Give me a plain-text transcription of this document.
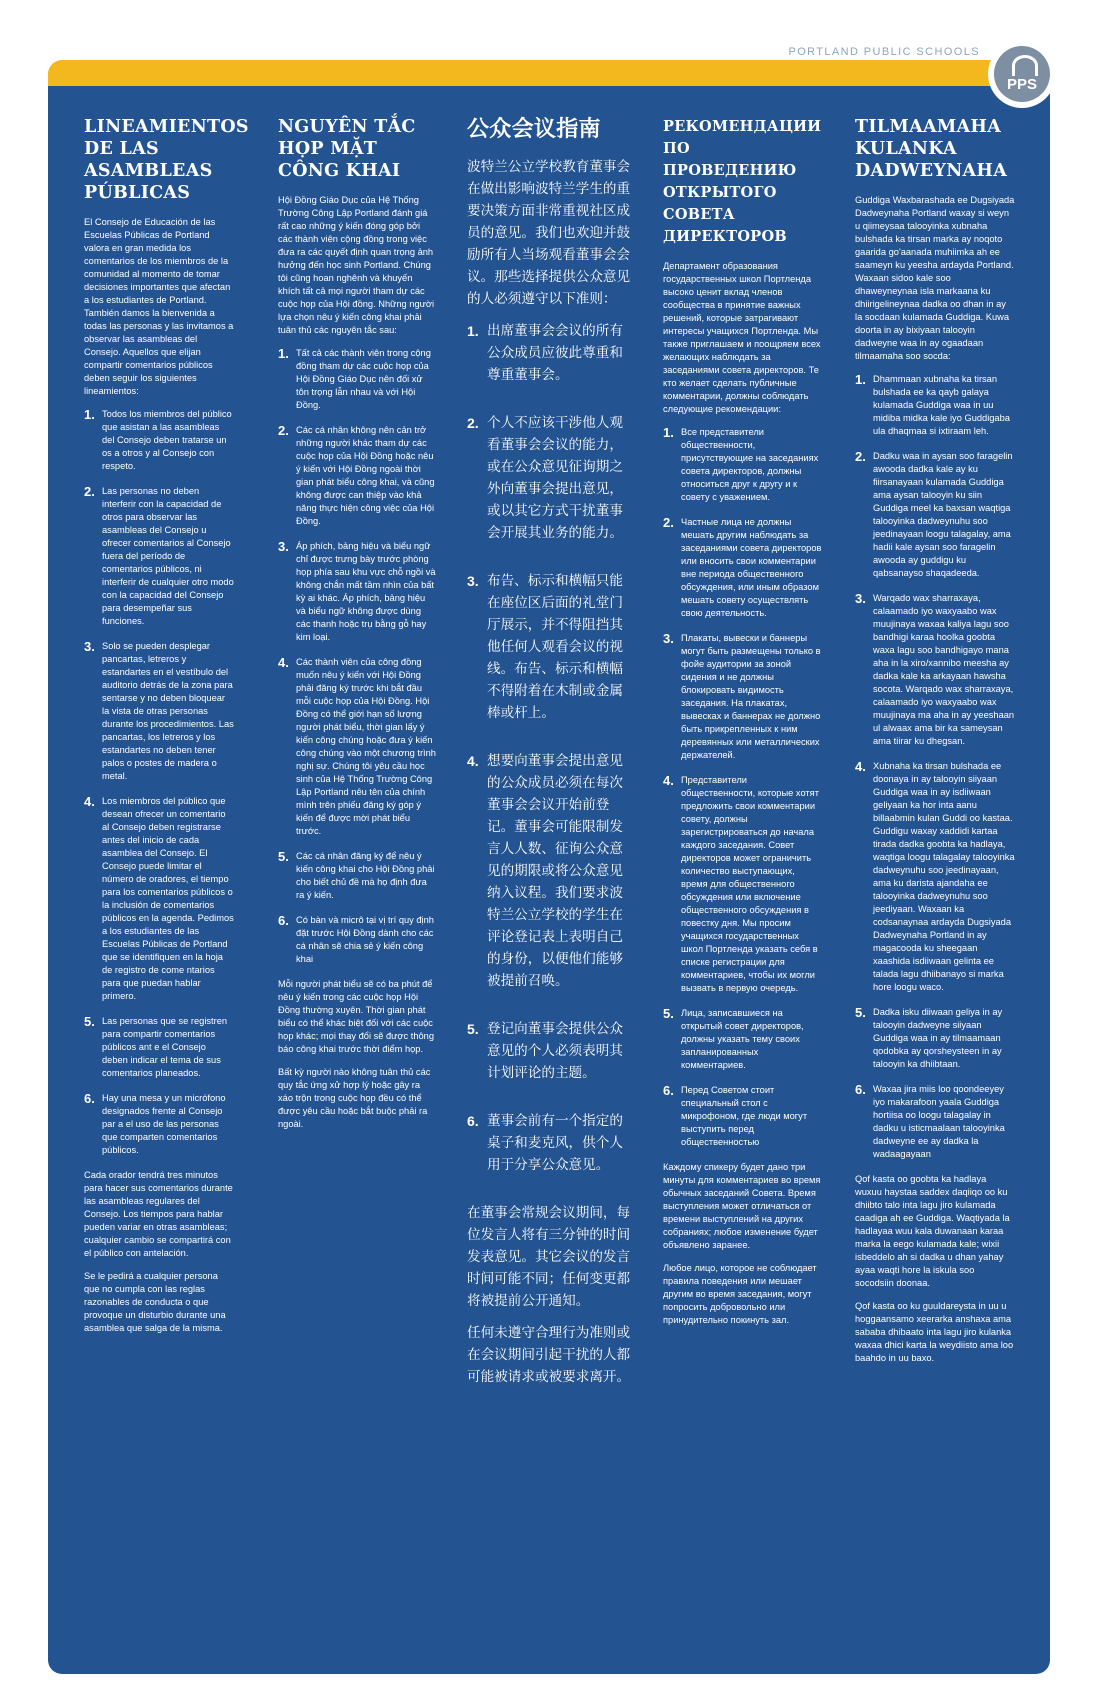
PORTLAND PUBLIC SCHOOLS
PPS
LINEAMIENTOS DE LAS ASAMBLEAS PÚBLICAS

El Consejo de Educación de las Escuelas Públicas de Portland valora en gran medida los comentarios de los miembros de la comunidad al momento de tomar decisiones importantes que afectan a los estudiantes de Portland. También damos la bienvenida a todas las personas y las invitamos a observar las asambleas del Consejo. Aquellos que elijan compartir comentarios públicos deben seguir los siguientes lineamientos:

1. Todos los miembros del público que asistan a las asambleas del Consejo deben tratarse un os a otros y al Consejo con respeto.
2. Las personas no deben interferir con la capacidad de otros para observar las asambleas del Consejo u ofrecer comentarios al Consejo fuera del período de comentarios públicos, ni interferir de cualquier otro modo con la capacidad del Consejo para desempeñar sus funciones.
3. Solo se pueden desplegar pancartas, letreros y estandartes en el vestíbulo del auditorio detrás de la zona para sentarse y no deben bloquear la vista de otras personas durante los procedimientos. Las pancartas, los letreros y los estandartes no deben tener palos o postes de madera o metal.
4. Los miembros del público que desean ofrecer un comentario al Consejo deben registrarse antes del inicio de cada asamblea del Consejo. El Consejo puede limitar el número de oradores, el tiempo para los comentarios públicos o la inclusión de comentarios públicos en la agenda. Pedimos a los estudiantes de las Escuelas Públicas de Portland que se identifiquen en la hoja de registro de come ntarios para que puedan hablar primero.
5. Las personas que se registren para compartir comentarios públicos ant e el Consejo deben indicar el tema de sus comentarios planeados.
6. Hay una mesa y un micrófono designados frente al Consejo par a el uso de las personas que comparten comentarios públicos.

Cada orador tendrá tres minutos para hacer sus comentarios durante las asambleas regulares del Consejo. Los tiempos para hablar pueden variar en otras asambleas; cualquier cambio se compartirá con el público con antelación.

Se le pedirá a cualquier persona que no cumpla con las reglas razonables de conducta o que provoque un disturbio durante una asamblea que salga de la misma.

NGUYÊN TẮC HỌP MẶT CÔNG KHAI

Hội Đồng Giáo Dục của Hệ Thống Trường Công Lập Portland đánh giá rất cao những ý kiến đóng góp bởi các thành viên cộng đồng trong việc đưa ra các quyết định quan trọng ảnh hưởng đến học sinh Portland. Chúng tôi cũng hoan nghênh và khuyến khích tất cả mọi người tham dự các cuộc họp của Hội đồng. Những người lựa chọn nêu ý kiến công khai phải tuân thủ các nguyên tắc sau:

1. Tất cả các thành viên trong cộng đồng tham dự các cuộc họp của Hội Đồng Giáo Dục nên đối xử tôn trọng lẫn nhau và với Hội Đồng.
2. Các cá nhân không nên cản trở những người khác tham dự các cuộc họp của Hội Đồng hoặc nêu ý kiến với Hội Đồng ngoài thời gian phát biểu công khai, và cũng không được can thiệp vào khả năng thực hiện công việc của Hội Đồng.
3. Áp phích, bảng hiệu và biểu ngữ chỉ được trưng bày trước phòng họp phía sau khu vực chỗ ngồi và không chắn mất tầm nhìn của bất kỳ ai khác. Áp phích, bảng hiệu và biểu ngữ không được dùng các thanh hoặc trụ bằng gỗ hay kim loại.
4. Các thành viên của công đồng muốn nêu ý kiến với Hội Đồng phải đăng ký trước khi bắt đầu mỗi cuộc họp của Hội Đồng. Hội Đồng có thể giới hạn số lượng người phát biểu, thời gian lấy ý kiến công chúng hoặc đưa ý kiến công chúng vào một chương trình nghị sự. Chúng tôi yêu cầu học sinh của Hệ Thống Trường Công Lập Portland nêu tên của chính mình trên phiếu đăng ký góp ý kiến để được mời phát biểu trước.
5. Các cá nhân đăng ký để nêu ý kiến công khai cho Hội Đồng phải cho biết chủ đề mà họ định đưa ra ý kiến.
6. Có bàn và micrô tại vị trí quy định đặt trước Hội Đồng dành cho các cá nhân sẽ chia sẻ ý kiến công khai

Mỗi người phát biểu sẽ có ba phút để nêu ý kiến trong các cuộc họp Hội Đồng thường xuyên. Thời gian phát biểu có thể khác biệt đối với các cuộc họp khác; mọi thay đổi sẽ được thông báo công khai trước thời điểm họp.

Bất kỳ người nào không tuân thủ các quy tắc ứng xử hợp lý hoặc gây ra xáo trộn trong cuộc họp đều có thể được yêu cầu hoặc bắt buộc phải ra ngoài.

公众会议指南

波特兰公立学校教育董事会在做出影响波特兰学生的重要决策方面非常重视社区成员的意见。我们也欢迎并鼓励所有人当场观看董事会会议。那些选择提供公众意见的人必须遵守以下准则：

1. 出席董事会会议的所有公众成员应彼此尊重和尊重董事会。
2. 个人不应该干涉他人观看董事会会议的能力，或在公众意见征询期之外向董事会提出意见，或以其它方式干扰董事会开展其业务的能力。
3. 布告、标示和横幅只能在座位区后面的礼堂门厅展示，并不得阻挡其他任何人观看会议的视线。布告、标示和横幅不得附着在木制或金属棒或杆上。
4. 想要向董事会提出意见的公众成员必须在每次董事会会议开始前登记。董事会可能限制发言人人数、征询公众意见的期限或将公众意见纳入议程。我们要求波特兰公立学校的学生在评论登记表上表明自己的身份，以便他们能够被提前召唤。
5. 登记向董事会提供公众意见的个人必须表明其计划评论的主题。
6. 董事会前有一个指定的桌子和麦克风，供个人用于分享公众意见。

在董事会常规会议期间，每位发言人将有三分钟的时间发表意见。其它会议的发言时间可能不同；任何变更都将被提前公开通知。

任何未遵守合理行为准则或在会议期间引起干扰的人都可能被请求或被要求离开。

РЕКОМЕНДАЦИИ ПО ПРОВЕДЕНИЮ ОТКРЫТОГО СОВЕТА ДИРЕКТОРОВ

Департамент образования государственных школ Портленда высоко ценит вклад членов сообщества в принятие важных решений, которые затрагивают интересы учащихся Портленда. Мы также приглашаем и поощряем всех желающих наблюдать за заседаниями совета директоров. Те кто желает сделать публичные комментарии, должны соблюдать следующие рекомендации:

1. Все представители общественности, присутствующие на заседаниях совета директоров, должны относиться друг к другу и к совету с уважением.
2. Частные лица не должны мешать другим наблюдать за заседаниями совета директоров или вносить свои комментарии вне периода общественного обсуждения, или иным образом мешать совету осуществлять свою деятельность.
3. Плакаты, вывески и баннеры могут быть размещены только в фойе аудитории за зоной сидения и не должны блокировать видимость заседания. На плакатах, вывесках и баннерах не должно быть прикрепленных к ним деревянных или металлических держателей.
4. Представители общественности, которые хотят предложить свои комментарии совету, должны зарегистрироваться до начала каждого заседания. Совет директоров может ограничить количество выступающих, время для общественного обсуждения или включение общественного обсуждения в повестку дня. Мы просим учащихся государственных школ Портленда указать себя в списке регистрации для комментариев, чтобы их могли вызвать в первую очередь.
5. Лица, записавшиеся на открытый совет директоров, должны указать тему своих запланированных комментариев.
6. Перед Советом стоит специальный стол с микрофоном, где люди могут выступить перед общественностью

Каждому спикеру будет дано три минуты для комментариев во время обычных заседаний Совета. Время выступления может отличаться от времени выступлений на других собраниях; любое изменение будет объявлено заранее.

Любое лицо, которое не соблюдает правила поведения или мешает другим во время заседания, могут попросить добровольно или принудительно покинуть зал.

TILMAAMAHA KULANKA DADWEYNAHA

Guddiga Waxbarashada ee Dugsiyada Dadweynaha Portland waxay si weyn u qiimeysaa talooyinka xubnaha bulshada ka tirsan marka ay noqoto gaarida go'aanada muhiimka ah ee saameyn ku yeesha ardayda Portland. Waxaan sidoo kale soo dhaweyneynaa isla markaana ku dhiirigelineynaa dadka oo dhan in ay la socdaan kulamada Guddiga. Kuwa doorta in ay bixiyaan talooyin dadweyne waa in ay ogaadaan tilmaamaha soo socda:

1. Dhammaan xubnaha ka tirsan bulshada ee ka qayb galaya kulamada Guddiga waa in uu midiba midka kale iyo Guddigaba ula dhaqmaa si ixtiraam leh.
2. Dadku waa in aysan soo faragelin awooda dadka kale ay ku fiirsanayaan kulamada Guddiga ama aysan talooyin ku siin Guddiga meel ka baxsan waqtiga talooyinka dadweynuhu soo jeedinayaan loogu talagalay, ama hadii kale aysan soo faragelin awooda ay guddigu ku qabsanayso shaqadeeda.
3. Warqado wax sharraxaya, calaamado iyo waxyaabo wax muujinaya waxaa kaliya lagu soo bandhigi karaa hoolka goobta waxa lagu soo bandhigayo mana aha in la xiro/xannibo meesha ay dadka kale ka arkayaan hawsha socota. Warqado wax sharraxaya, calaamado iyo waxyaabo wax muujinaya ma aha in ay yeeshaan ul alwaax ama bir ka sameysan ama tiirar ku dhegsan.
4. Xubnaha ka tirsan bulshada ee doonaya in ay talooyin siiyaan Guddiga waa in ay isdiiwaan geliyaan ka hor inta aanu billaabmin kulan Guddi oo kastaa. Guddigu waxay xaddidi kartaa tirada dadka goobta ka hadlaya, waqtiga loogu talagalay talooyinka dadweynuhu soo jeedinayaan, ama ku darista ajandaha ee talooyinka dadweynuhu soo jeediyaan. Waxaan ka codsanaynaa ardayda Dugsiyada Dadweynaha Portland in ay magacooda ku sheegaan xaashida isdiiwaan gelinta ee talada lagu dhiibanayo si marka hore loogu waco.
5. Dadka isku diiwaan geliya in ay talooyin dadweyne siiyaan Guddiga waa in ay tilmaamaan qodobka ay qorsheysteen in ay talooyin ka dhiibtaan.
6. Waxaa jira miis loo qoondeeyey iyo makarafoon yaala Guddiga hortiisa oo loogu talagalay in dadku u isticmaalaan talooyinka dadweyne ee ay dadka la wadaagayaan

Qof kasta oo goobta ka hadlaya wuxuu haystaa saddex daqiiqo oo ku dhiibto talo inta lagu jiro kulamada caadiga ah ee Guddiga. Waqtiyada la hadlayaa wuu kala duwanaan karaa marka la eego kulamada kale; wixii isbeddelo ah si dadka u dhan yahay ayaa waqti hore la iskula soo socodsiin doonaa.

Qof kasta oo ku guuldareysta in uu u hoggaansamo xeerarka anshaxa ama sababa dhibaato inta lagu jiro kulanka waxaa dhici karta la weydiisto ama loo baahdo in uu baxo.
